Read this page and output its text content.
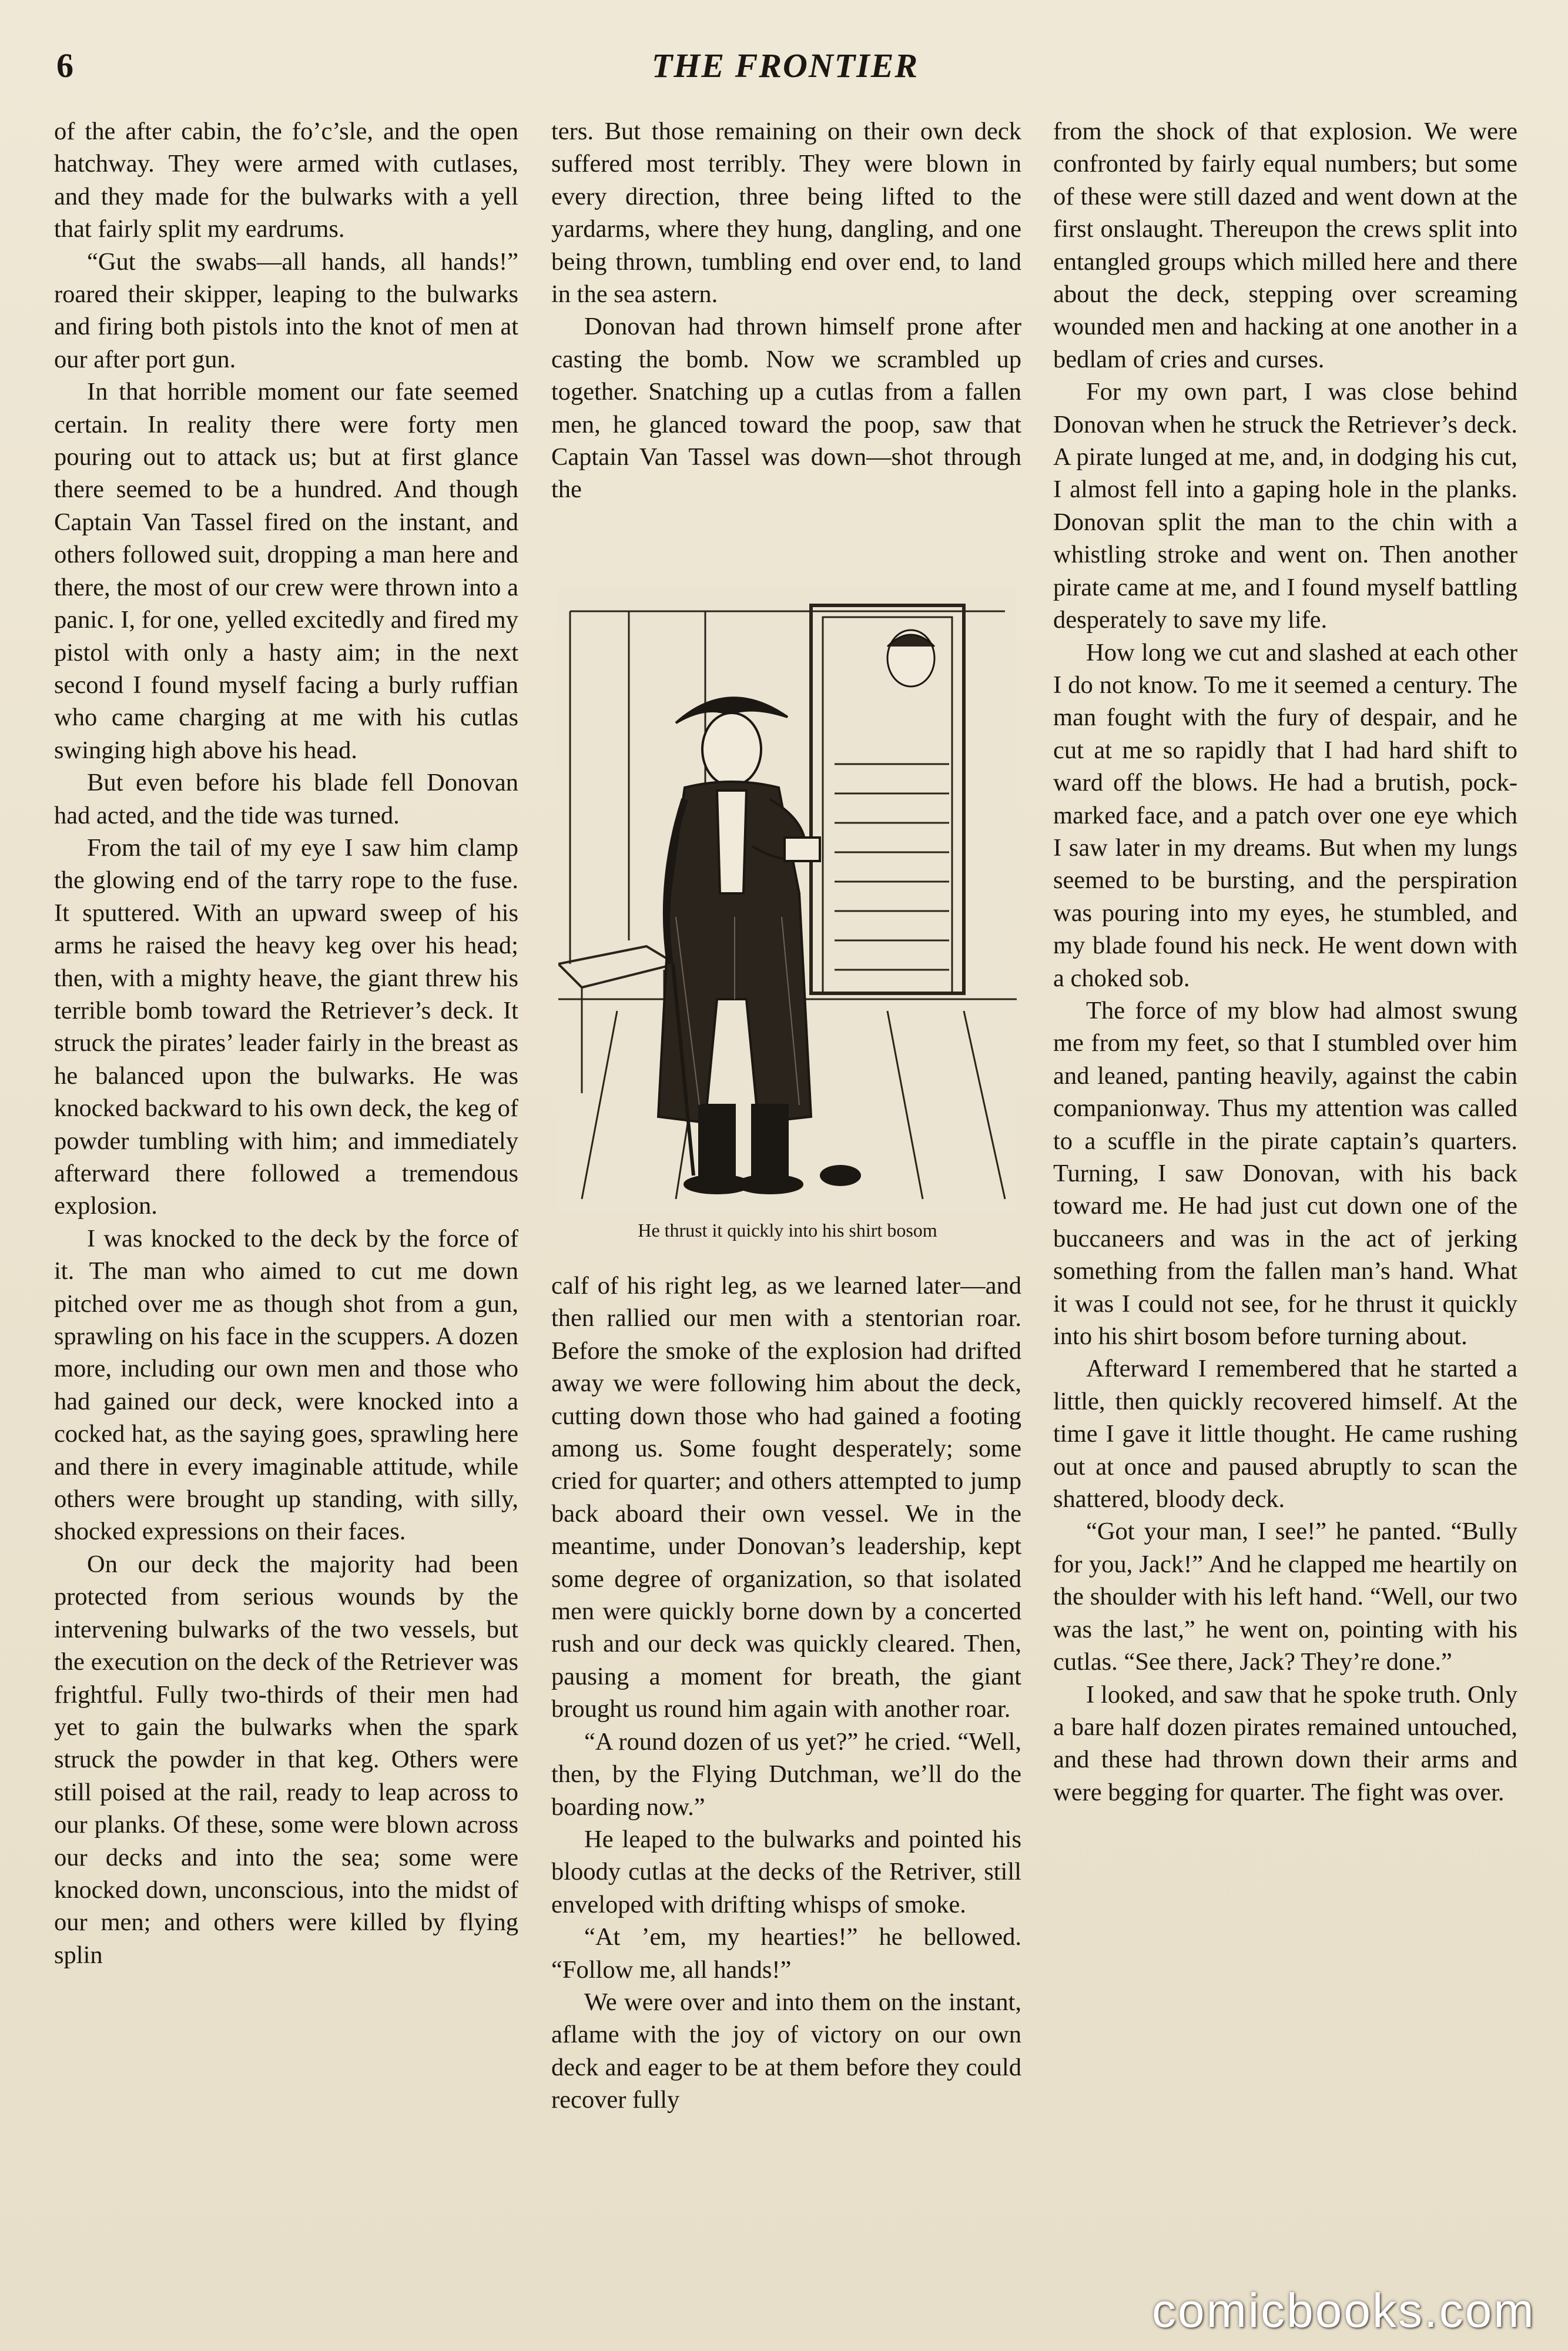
6	THE FRONTIER

of the after cabin, the fo’c’sle, and the open hatchway. They were armed with cutlases, and they made for the bulwarks with a yell that fairly split my eardrums.

“Gut the swabs—all hands, all hands!” roared their skipper, leaping to the bulwarks and firing both pistols into the knot of men at our after port gun.

In that horrible moment our fate seemed certain. In reality there were forty men pouring out to attack us; but at first glance there seemed to be a hundred. And though Captain Van Tassel fired on the instant, and others followed suit, dropping a man here and there, the most of our crew were thrown into a panic. I, for one, yelled excitedly and fired my pistol with only a hasty aim; in the next second I found myself facing a burly ruffian who came charging at me with his cutlas swinging high above his head.

But even before his blade fell Donovan had acted, and the tide was turned.

From the tail of my eye I saw him clamp the glowing end of the tarry rope to the fuse. It sputtered. With an upward sweep of his arms he raised the heavy keg over his head; then, with a mighty heave, the giant threw his terrible bomb toward the Retriever’s deck. It struck the pirates’ leader fairly in the breast as he balanced upon the bulwarks. He was knocked backward to his own deck, the keg of powder tumbling with him; and immediately afterward there followed a tremendous explosion.

I was knocked to the deck by the force of it. The man who aimed to cut me down pitched over me as though shot from a gun, sprawling on his face in the scuppers. A dozen more, including our own men and those who had gained our deck, were knocked into a cocked hat, as the saying goes, sprawling here and there in every imaginable attitude, while others were brought up standing, with silly, shocked expressions on their faces.

On our deck the majority had been protected from serious wounds by the intervening bulwarks of the two vessels, but the execution on the deck of the Retriever was frightful. Fully two-thirds of their men had yet to gain the bulwarks when the spark struck the powder in that keg. Others were still poised at the rail, ready to leap across to our planks. Of these, some were blown across our decks and into the sea; some were knocked down, unconscious, into the midst of our men; and others were killed by flying splin

ters. But those remaining on their own deck suffered most terribly. They were blown in every direction, three being lifted to the yardarms, where they hung, dangling, and one being thrown, tumbling end over end, to land in the sea astern.

Donovan had thrown himself prone after casting the bomb. Now we scrambled up together. Snatching up a cutlas from a fallen men, he glanced toward the poop, saw that Captain Van Tassel was down—shot through the

He thrust it quickly into his shirt bosom

calf of his right leg, as we learned later—and then rallied our men with a stentorian roar. Before the smoke of the explosion had drifted away we were following him about the deck, cutting down those who had gained a footing among us. Some fought desperately; some cried for quarter; and others attempted to jump back aboard their own vessel. We in the meantime, under Donovan’s leadership, kept some degree of organization, so that isolated men were quickly borne down by a concerted rush and our deck was quickly cleared. Then, pausing a moment for breath, the giant brought us round him again with another roar.

“A round dozen of us yet?” he cried. “Well, then, by the Flying Dutchman, we’ll do the boarding now.”

He leaped to the bulwarks and pointed his bloody cutlas at the decks of the Retriver, still enveloped with drifting whisps of smoke.

“At ’em, my hearties!” he bellowed. “Follow me, all hands!”

We were over and into them on the instant, aflame with the joy of victory on our own deck and eager to be at them before they could recover fully

from the shock of that explosion. We were confronted by fairly equal numbers; but some of these were still dazed and went down at the first onslaught. Thereupon the crews split into entangled groups which milled here and there about the deck, stepping over screaming wounded men and hacking at one another in a bedlam of cries and curses.

For my own part, I was close behind Donovan when he struck the Retriever’s deck. A pirate lunged at me, and, in dodging his cut, I almost fell into a gaping hole in the planks. Donovan split the man to the chin with a whistling stroke and went on. Then another pirate came at me, and I found myself battling desperately to save my life.

How long we cut and slashed at each other I do not know. To me it seemed a century. The man fought with the fury of despair, and he cut at me so rapidly that I had hard shift to ward off the blows. He had a brutish, pockmarked face, and a patch over one eye which I saw later in my dreams. But when my lungs seemed to be bursting, and the perspiration was pouring into my eyes, he stumbled, and my blade found his neck. He went down with a choked sob.

The force of my blow had almost swung me from my feet, so that I stumbled over him and leaned, panting heavily, against the cabin companionway. Thus my attention was called to a scuffle in the pirate captain’s quarters. Turning, I saw Donovan, with his back toward me. He had just cut down one of the buccaneers and was in the act of jerking something from the fallen man’s hand. What it was I could not see, for he thrust it quickly into his shirt bosom before turning about.

Afterward I remembered that he started a little, then quickly recovered himself. At the time I gave it little thought. He came rushing out at once and paused abruptly to scan the shattered, bloody deck.

“Got your man, I see!” he panted. “Bully for you, Jack!” And he clapped me heartily on the shoulder with his left hand. “Well, our two was the last,” he went on, pointing with his cutlas. “See there, Jack? They’re done.”

I looked, and saw that he spoke truth. Only a bare half dozen pirates remained untouched, and these had thrown down their arms and were begging for quarter. The fight was over.

comicbooks.com
